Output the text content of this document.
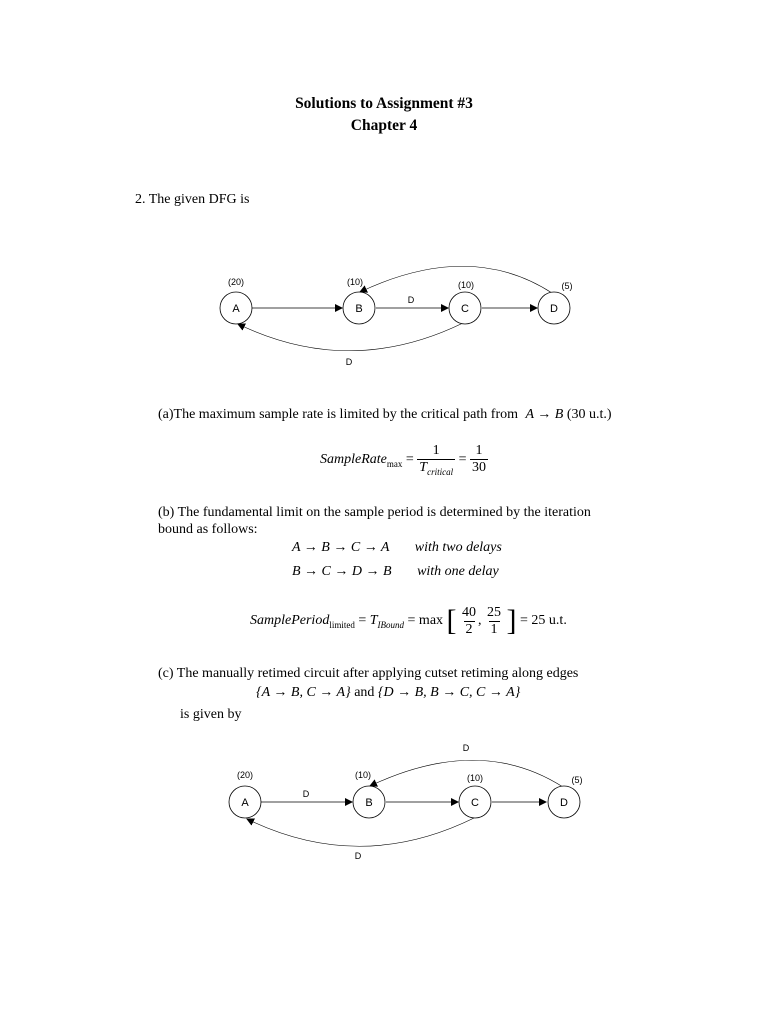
Solutions to Assignment #3
Chapter 4
2. The given DFG is
A	B	C	D
(20)	(10)	(10)	(5)
D
D
A	B	C	D
(20)	(10)	(10)	(5)
D
D
D
(a)The maximum sample rate is limited by the critical path from A → B (30 u.t.)
SampleRate$_{max}$ = $\frac{1}{T_{critical}} = \frac{1}{30}$
(b) The fundamental limit on the sample period is determined by the iteration
bound as follows:
A → B → C → A with two delays
B → C → D → B with one delay
SamplePeriod$_{limited}$ = $T_{IBound} = \max$ [ $\frac{40}{2}$ , $\frac{25}{1}$ ] = 25 u.t.
(c) The manually retimed circuit after applying cutset retiming along edges
{A → B, C → A} and {D → B, B → C, C → A}
is given by
